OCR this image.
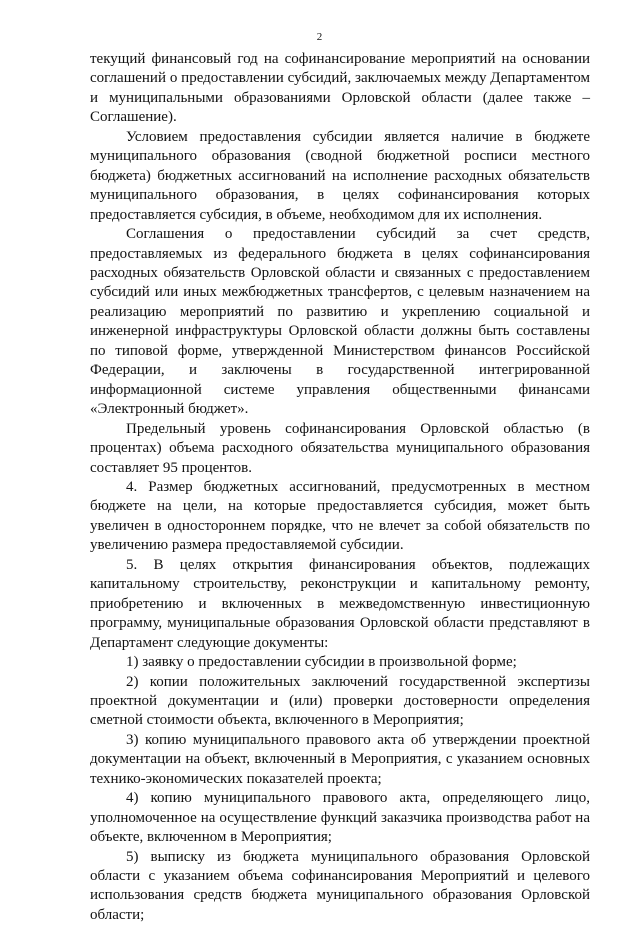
2

текущий финансовый год на софинансирование мероприятий на основании соглашений о предоставлении субсидий, заключаемых между Департаментом и муниципальными образованиями Орловской области (далее также – Соглашение).

Условием предоставления субсидии является наличие в бюджете муниципального образования (сводной бюджетной росписи местного бюджета) бюджетных ассигнований на исполнение расходных обязательств муниципального образования, в целях софинансирования которых предоставляется субсидия, в объеме, необходимом для их исполнения.

Соглашения о предоставлении субсидий за счет средств, предоставляемых из федерального бюджета в целях софинансирования расходных обязательств Орловской области и связанных с предоставлением субсидий или иных межбюджетных трансфертов, с целевым назначением на реализацию мероприятий по развитию и укреплению социальной и инженерной инфраструктуры Орловской области должны быть составлены по типовой форме, утвержденной Министерством финансов Российской Федерации, и заключены в государственной интегрированной информационной системе управления общественными финансами «Электронный бюджет».

Предельный уровень софинансирования Орловской областью (в процентах) объема расходного обязательства муниципального образования составляет 95 процентов.

4. Размер бюджетных ассигнований, предусмотренных в местном бюджете на цели, на которые предоставляется субсидия, может быть увеличен в одностороннем порядке, что не влечет за собой обязательств по увеличению размера предоставляемой субсидии.

5. В целях открытия финансирования объектов, подлежащих капитальному строительству, реконструкции и капитальному ремонту, приобретению и включенных в межведомственную инвестиционную программу, муниципальные образования Орловской области представляют в Департамент следующие документы:

1) заявку о предоставлении субсидии в произвольной форме;

2) копии положительных заключений государственной экспертизы проектной документации и (или) проверки достоверности определения сметной стоимости объекта, включенного в Мероприятия;

3) копию муниципального правового акта об утверждении проектной документации на объект, включенный в Мероприятия, с указанием основных технико-экономических показателей проекта;

4) копию муниципального правового акта, определяющего лицо, уполномоченное на осуществление функций заказчика производства работ на объекте, включенном в Мероприятия;

5) выписку из бюджета муниципального образования Орловской области с указанием объема софинансирования Мероприятий и целевого использования средств бюджета муниципального образования Орловской области;
